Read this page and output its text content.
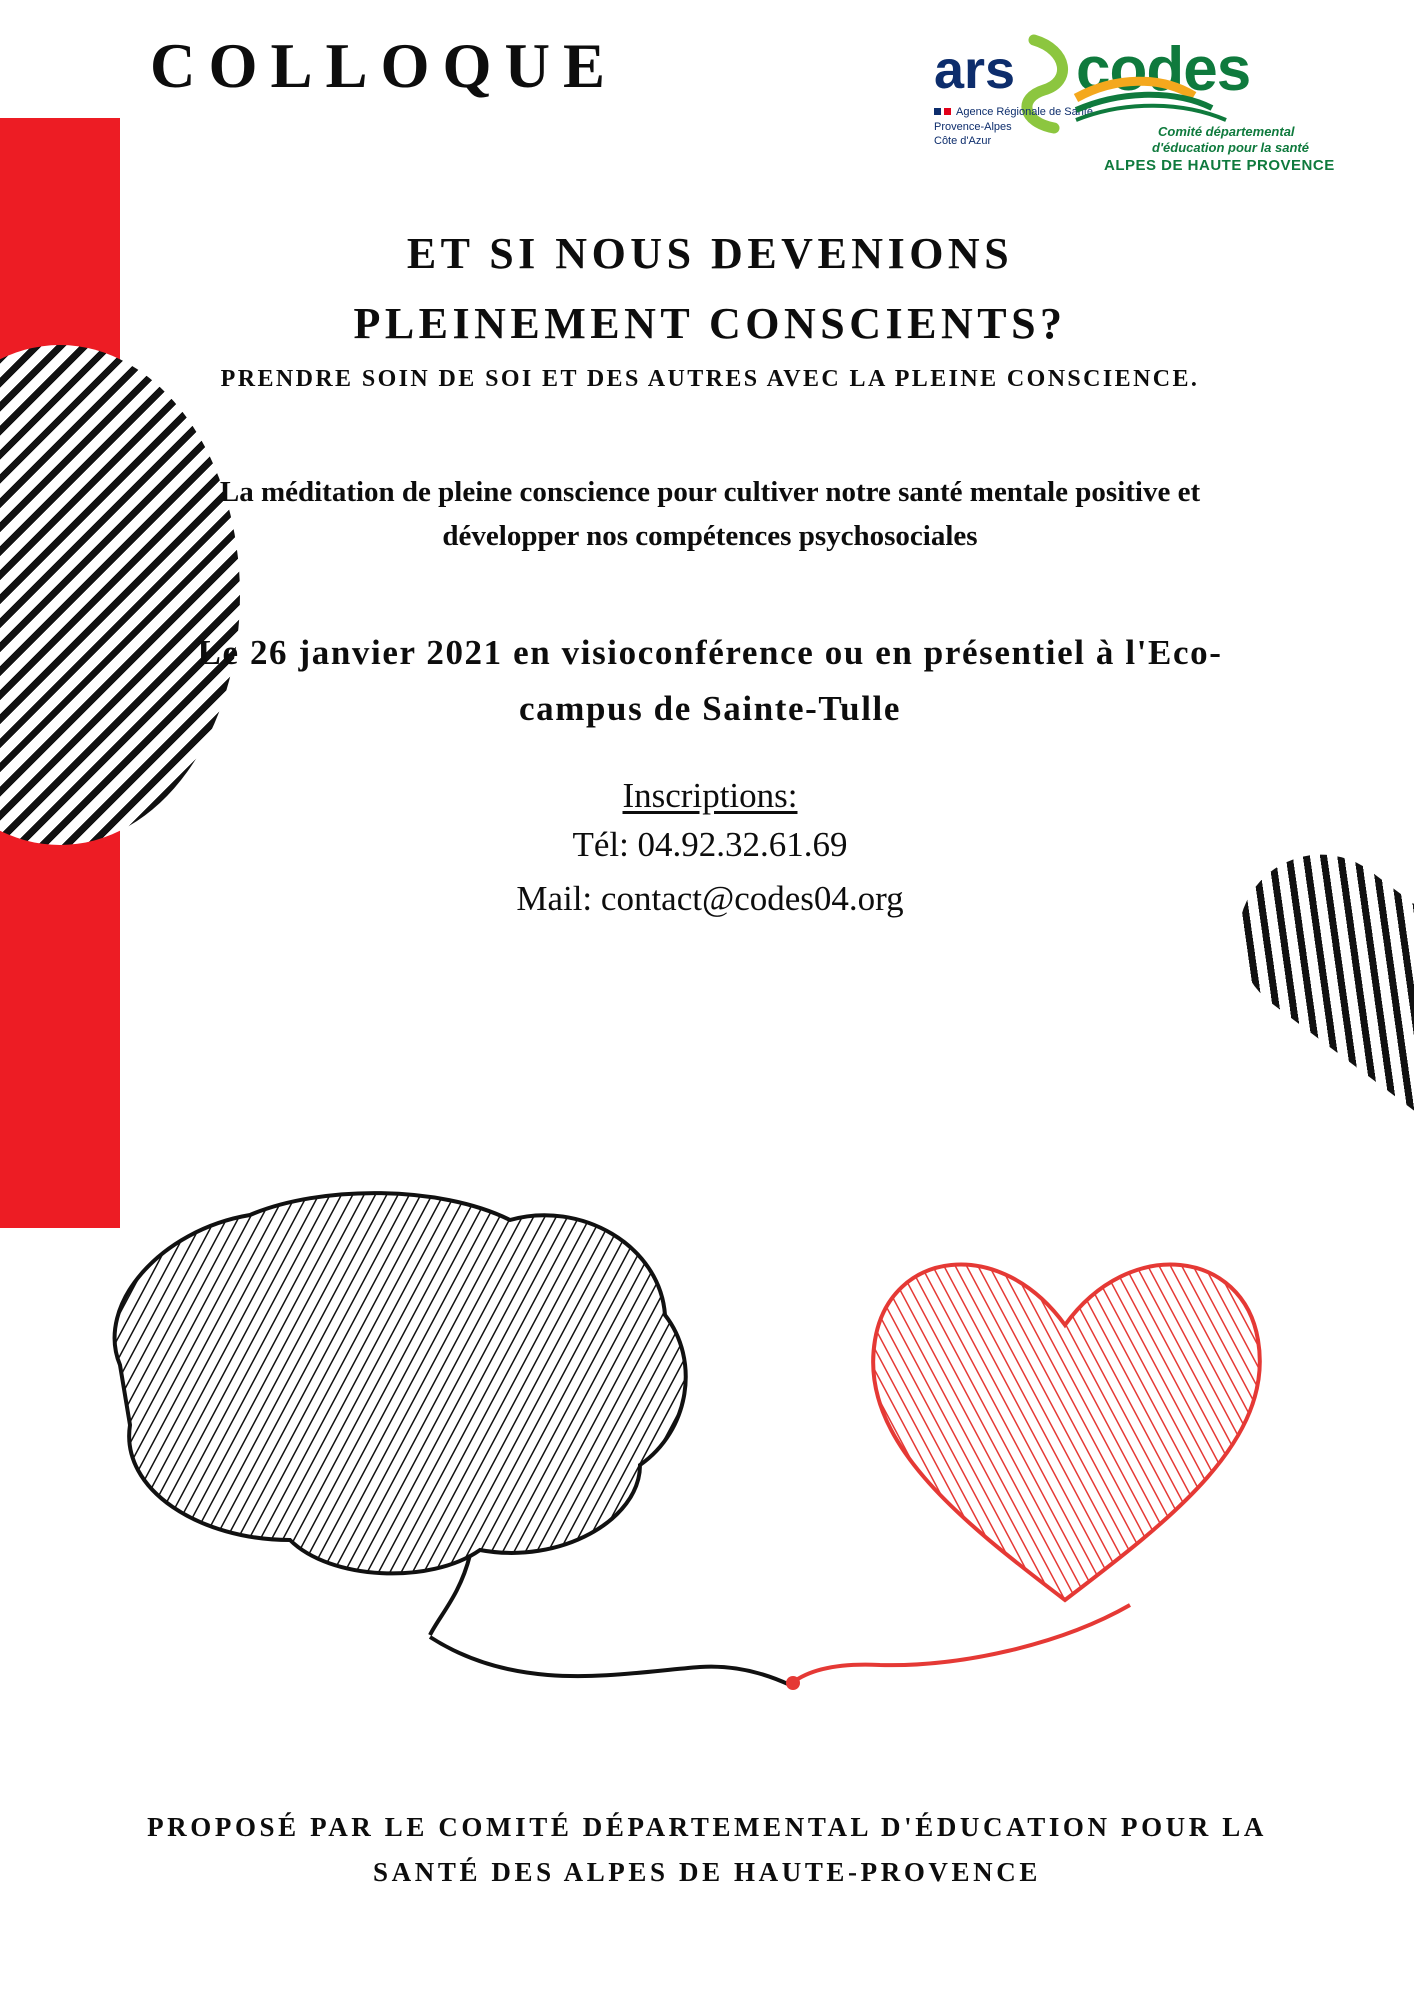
COLLOQUE	ars
Agence Régionale de Santé
Provence-Alpes
Côte d'Azur
codes
Comité départemental
d'éducation pour la santé
ALPES DE HAUTE PROVENCE
ET SI NOUS DEVENIONS
PLEINEMENT CONSCIENTS?
PRENDRE SOIN DE SOI ET DES AUTRES AVEC LA PLEINE CONSCIENCE.
La méditation de pleine conscience pour cultiver notre santé mentale positive et développer nos compétences psychosociales
Le 26 janvier 2021 en visioconférence ou en présentiel à l'Eco-campus de Sainte-Tulle
Inscriptions:
Tél: 04.92.32.61.69
Mail: contact@codes04.org
PROPOSÉ PAR LE COMITÉ DÉPARTEMENTAL D'ÉDUCATION POUR LA SANTÉ DES ALPES DE HAUTE-PROVENCE
